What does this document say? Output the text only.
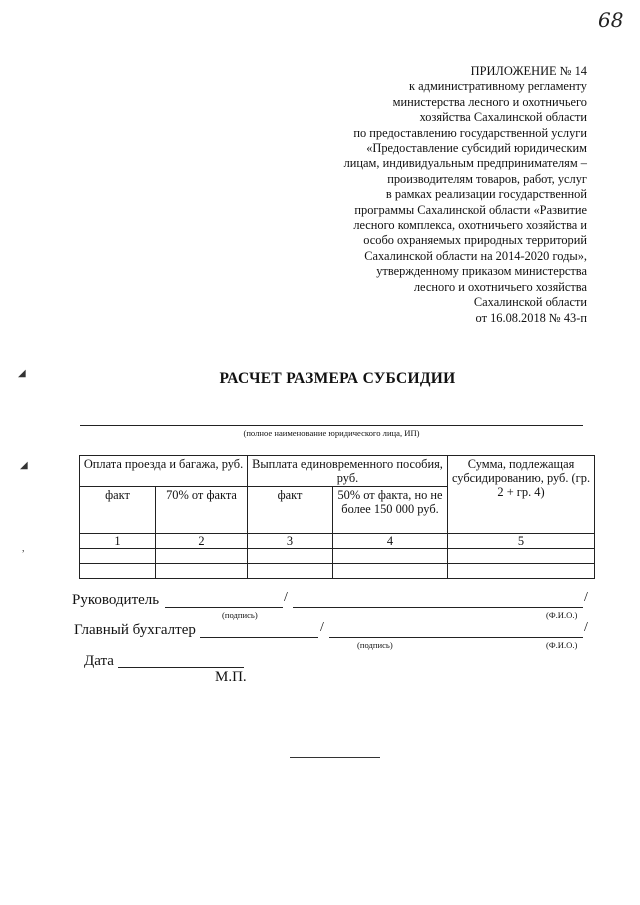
68
ПРИЛОЖЕНИЕ № 14
к административному регламенту
министерства лесного и охотничьего
хозяйства Сахалинской области
по предоставлению государственной услуги
«Предоставление субсидий юридическим
лицам, индивидуальным предпринимателям –
производителям товаров, работ, услуг
в рамках реализации государственной
программы Сахалинской области «Развитие
лесного комплекса, охотничьего хозяйства и
особо охраняемых природных территорий
Сахалинской области на 2014-2020 годы»,
утвержденному приказом министерства
лесного и охотничьего хозяйства
Сахалинской области
от 16.08.2018 № 43-п
◢
◢
,
РАСЧЕТ РАЗМЕРА СУБСИДИИ
(полное наименование юридического лица, ИП)
Оплата проезда и багажа, руб.		Выплата единовременного пособия, руб.		Сумма, подлежащая субсидированию, руб. (гр. 2 + гр. 4)
факт	70% от факта	факт	50% от факта, но не более 150 000 руб.	
1	2	3	4	5

Руководитель	/	/
(подпись)	(Ф.И.О.)
Главный бухгалтер	/	/
(подпись)	(Ф.И.О.)
Дата
М.П.
